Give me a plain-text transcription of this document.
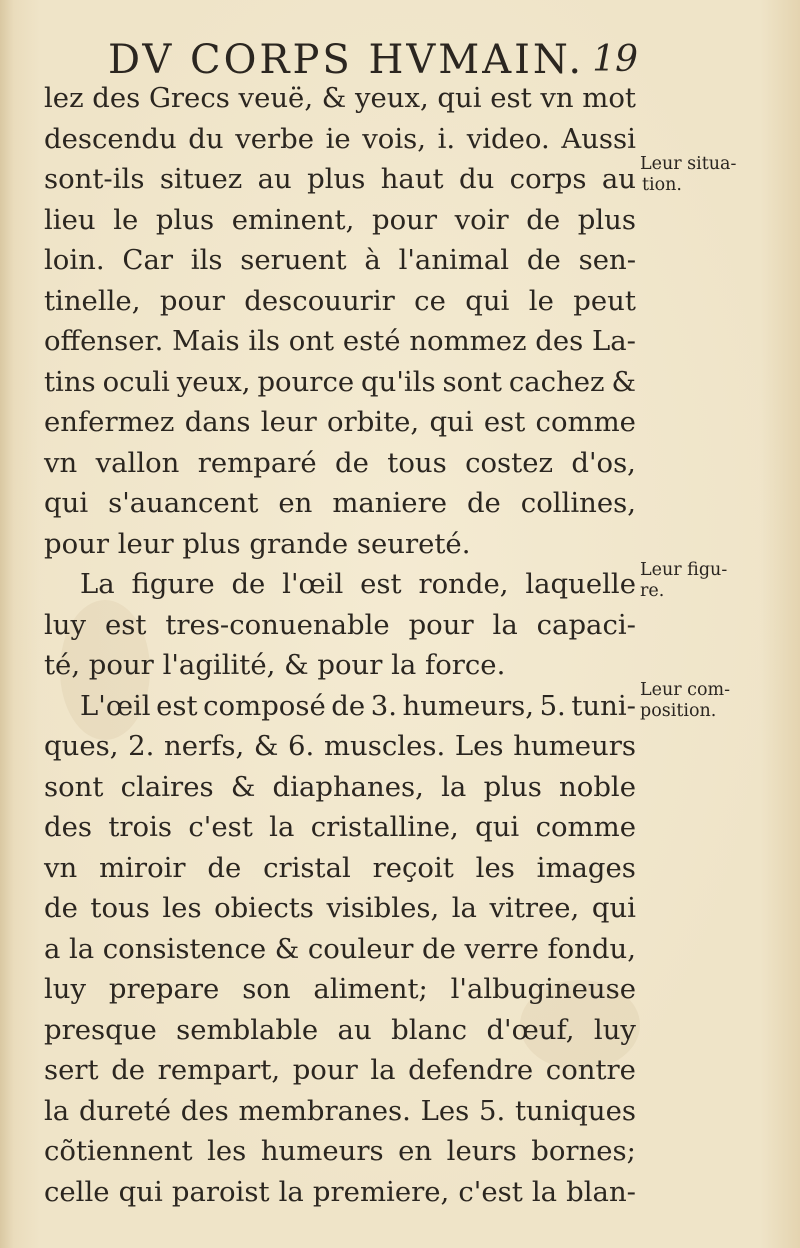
DV CORPS HVMAIN. 19
lez des Grecs veuë, & yeux, qui est vn mot
descendu du verbe ie vois, i. video. Aussi
sont-ils situez au plus haut du corps au
lieu le plus eminent, pour voir de plus
loin. Car ils seruent à l'animal de sen-
tinelle, pour descouurir ce qui le peut
offenser. Mais ils ont esté nommez des La-
tins oculi yeux, pource qu'ils sont cachez &
enfermez dans leur orbite, qui est comme
vn vallon remparé de tous costez d'os,
qui s'auancent en maniere de collines,
pour leur plus grande seureté.
La figure de l'œil est ronde, laquelle
luy est tres-conuenable pour la capaci-
té, pour l'agilité, & pour la force.
L'œil est composé de 3. humeurs, 5. tuni-
ques, 2. nerfs, & 6. muscles. Les humeurs
sont claires & diaphanes, la plus noble
des trois c'est la cristalline, qui comme
vn miroir de cristal reçoit les images
de tous les obiects visibles, la vitree, qui
a la consistence & couleur de verre fondu,
luy prepare son aliment; l'albugineuse
presque semblable au blanc d'œuf, luy
sert de rempart, pour la defendre contre
la dureté des membranes. Les 5. tuniques
cõtiennent les humeurs en leurs bornes;
celle qui paroist la premiere, c'est la blan-
Leur situa-
tion.
Leur figu-
re.
Leur com-
position.
